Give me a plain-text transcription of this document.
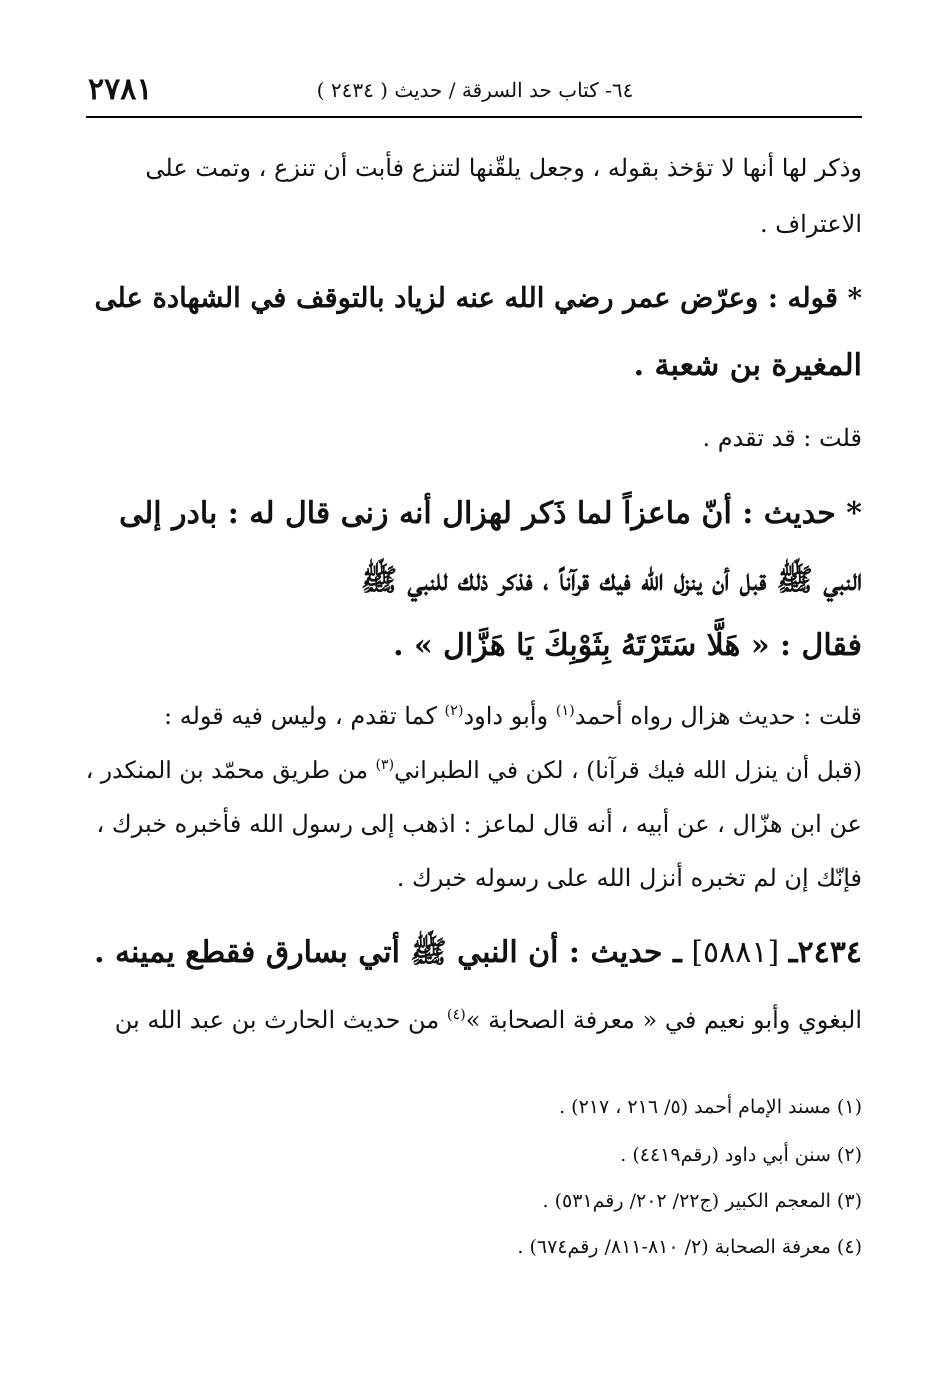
٢٧٨١	٦٤- كتاب حد السرقة / حديث ( ٢٤٣٤ )
وذكر لها أنها لا تؤخذ بقوله ، وجعل يلقّنها لتنزع فأبت أن تنزع ، وتمت على
الاعتراف .
* قوله : وعرّض عمر رضي الله عنه لزياد بالتوقف في الشهادة على
المغيرة بن شعبة .
قلت : قد تقدم .
* حديث : أنّ ماعزاً لما ذَكر لهزال أنه زنى قال له : بادر إلى
النبي ﷺ قبل أن ينزل الله فيك قرآناً ، فذكر ذلك للنبي ﷺ
فقال : « هَلَّا سَتَرْتَهُ بِثَوْبِكَ يَا هَزَّال » .
قلت : حديث هزال رواه أحمد$^{(١)}$ وأبو داود$^{(٢)}$ كما تقدم ، وليس فيه قوله :
(قبل أن ينزل الله فيك قرآنا) ، لكن في الطبراني$^{(٣)}$ من طريق محمّد بن المنكدر ،
عن ابن هزّال ، عن أبيه ، أنه قال لماعز : اذهب إلى رسول الله فأخبره خبرك ،
فإنّك إن لم تخبره أنزل الله على رسوله خبرك .
٢٤٣٤ـ [٥٨٨١] ـ حديث : أن النبي ﷺ أتي بسارق فقطع يمينه .
البغوي وأبو نعيم في « معرفة الصحابة »$^{(٤)}$ من حديث الحارث بن عبد الله بن
(١) مسند الإمام أحمد (٥/ ٢١٦ ، ٢١٧) .
(٢) سنن أبي داود (رقم٤٤١٩) .
(٣) المعجم الكبير (ج٢٢/ ٢٠٢/ رقم٥٣١) .
(٤) معرفة الصحابة (٢/ ٨١٠-٨١١/ رقم٦٧٤) .
